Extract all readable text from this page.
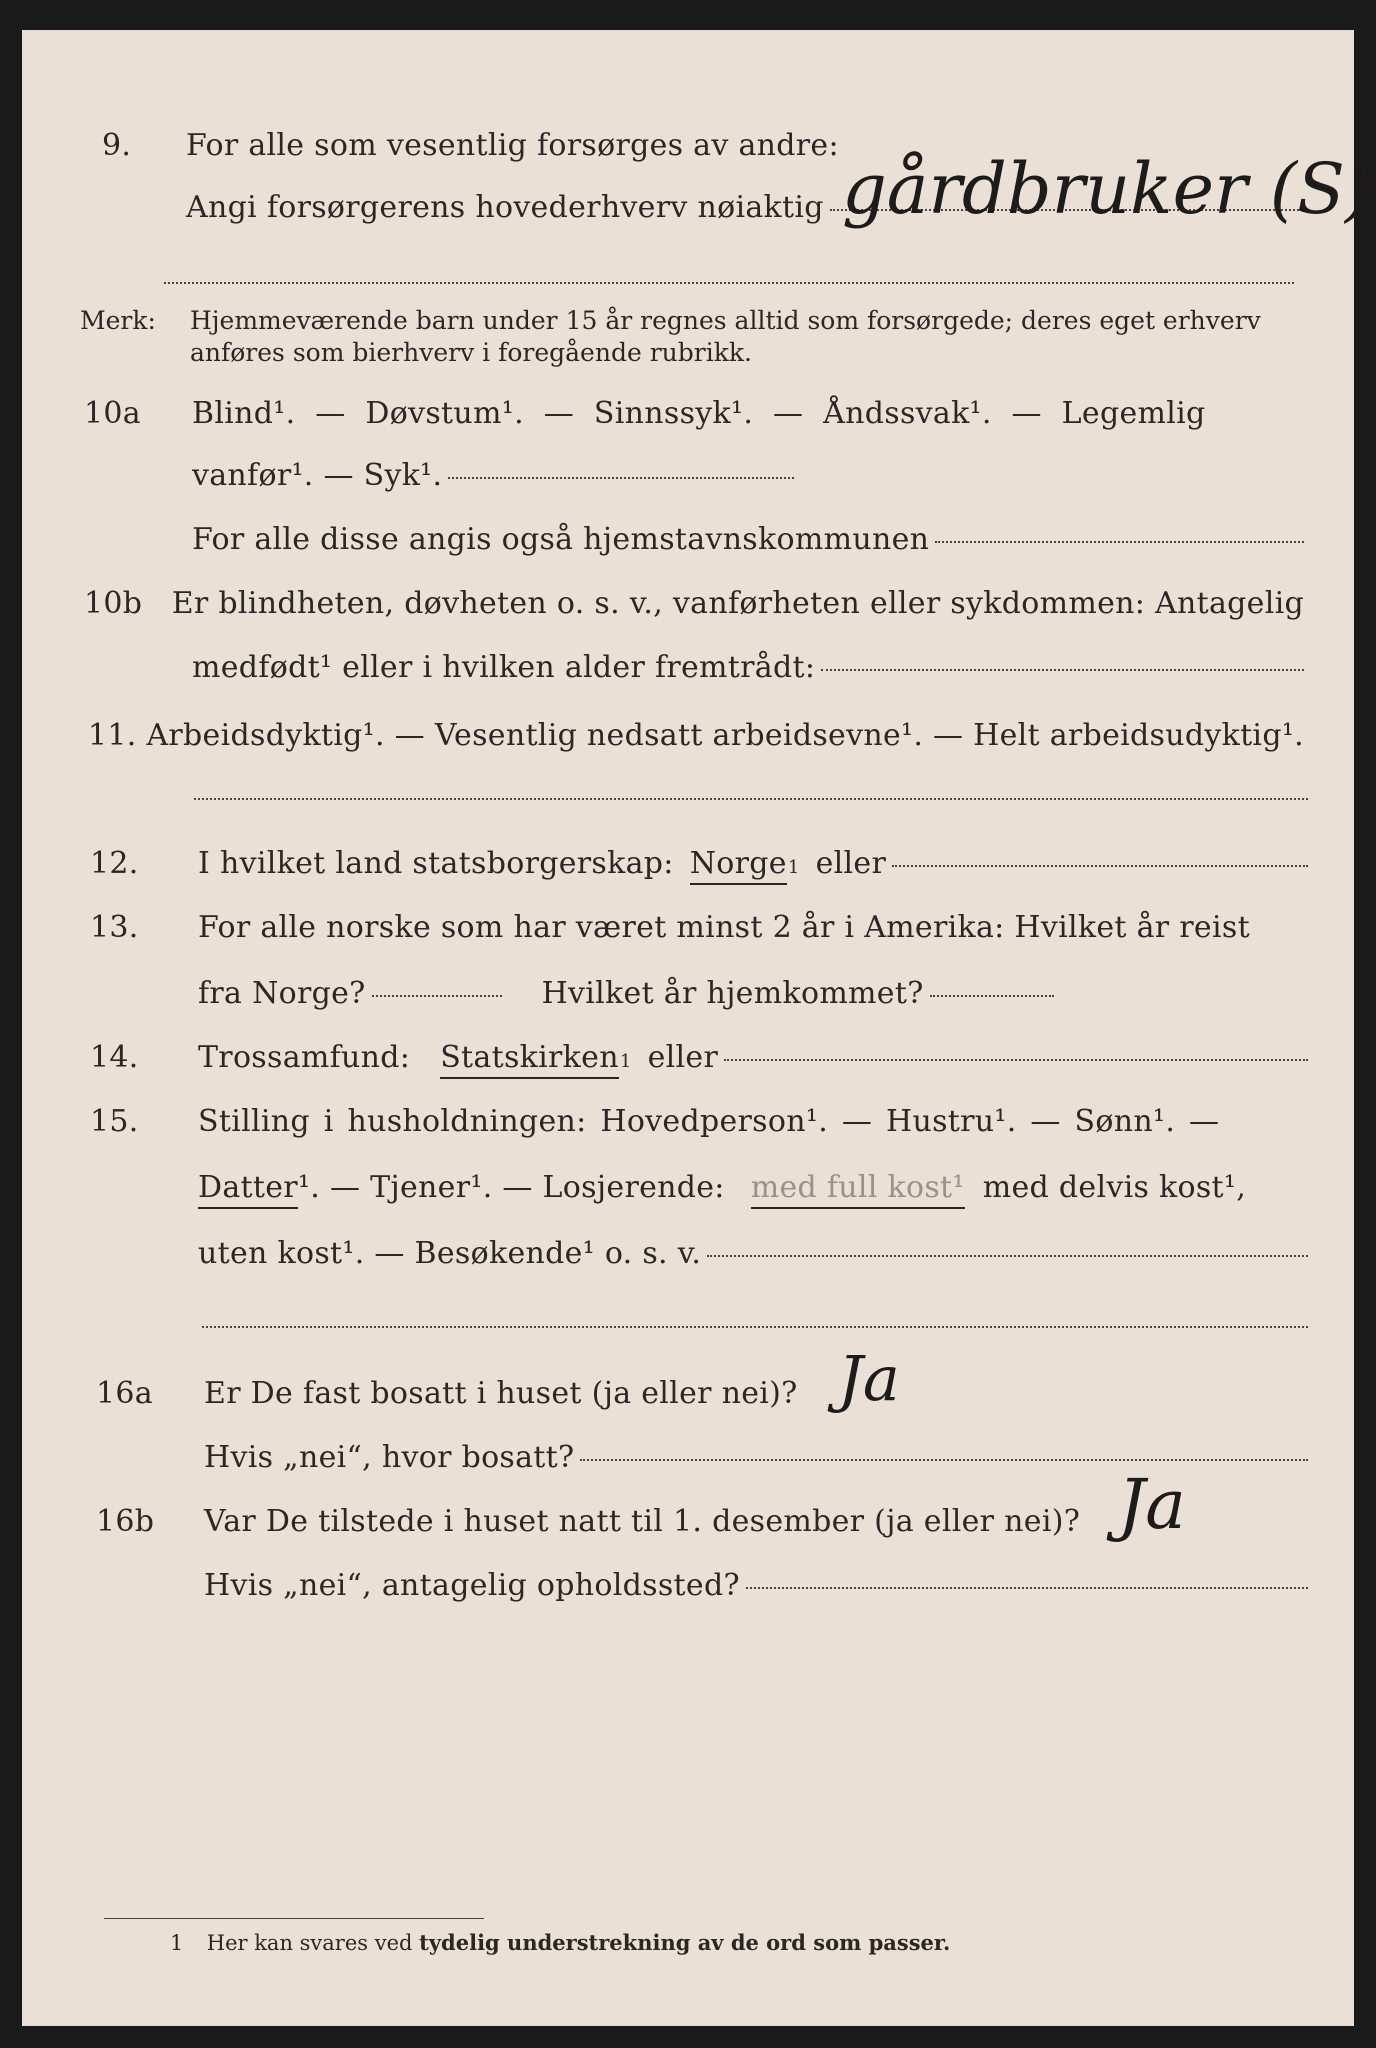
9.	For alle som vesentlig forsørges av andre:
Angi forsørgerens hovederhverv nøiaktig gårdbruker (S)
Merk: Hjemmeværende barn under 15 år regnes alltid som forsørgede; deres eget erhverv
anføres som bierhverv i foregående rubrikk.
10a	Blind¹. — Døvstum¹. — Sinnssyk¹. — Åndssvak¹. — Legemlig
vanfør¹. — Syk¹.
For alle disse angis også hjemstavnskommunen
10b Er blindheten, døvheten o. s. v., vanførheten eller sykdommen: Antagelig
medfødt¹ eller i hvilken alder fremtrådt:
11. Arbeidsdyktig¹. — Vesentlig nedsatt arbeidsevne¹. — Helt arbeidsudyktig¹.
12.	I hvilket land statsborgerskap: Norge 1 eller
13.	For alle norske som har været minst 2 år i Amerika: Hvilket år reist
fra Norge?	Hvilket år hjemkommet?
14.	Trossamfund: Statskirken 1 eller
15.	Stilling i husholdningen: Hovedperson¹. — Hustru¹. — Sønn¹. —
Datter ¹. — Tjener¹. — Losjerende: med full kost¹ med delvis kost¹,
uten kost¹. — Besøkende¹ o. s. v.
16a	Er De fast bosatt i huset (ja eller nei)? Ja
Hvis „nei“, hvor bosatt?
16b	Var De tilstede i huset natt til 1. desember (ja eller nei)? Ja
Hvis „nei“, antagelig opholdssted?
1 Her kan svares ved tydelig understrekning av de ord som passer.
